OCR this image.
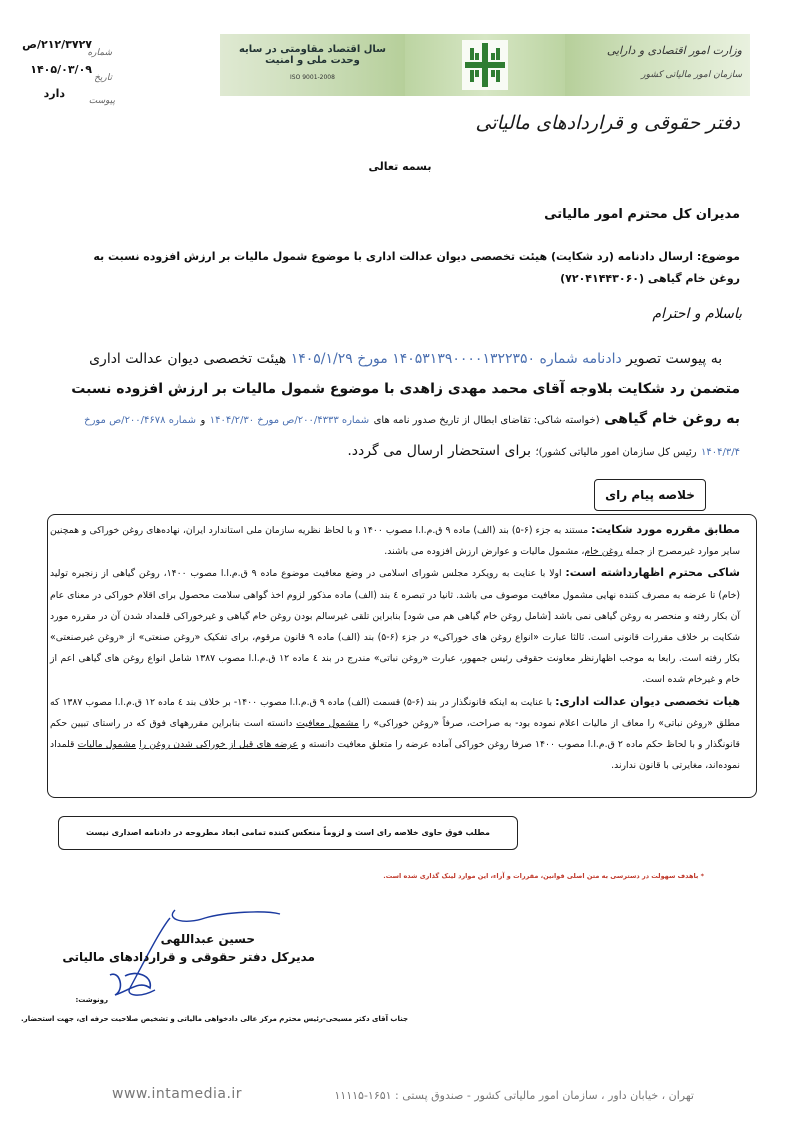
سال اقتصاد مقاومتی در سایه وحدت ملی و امنیت
ISO 9001-2008
وزارت امور اقتصادی و دارایی
سازمان امور مالیاتی کشور
شماره
۲۱۲/۳۷۲۷/ص
تاریخ
۱۴۰۵/۰۳/۰۹
پیوست
دارد
دفتر حقوقی و قراردادهای مالیاتی
بسمه تعالی
مدیران کل محترم امور مالیاتی
موضوع: ارسال دادنامه (رد شکایت) هیئت تخصصی دیوان عدالت اداری با موضوع شمول مالیات بر ارزش افزوده نسبت به روغن خام گیاهی (۷۲۰۴۱۴۴۳۰۶۰)
باسلام و احترام
به پیوست تصویر دادنامه شماره ۱۴۰۵۳۱۳۹۰۰۰۰۱۳۲۲۳۵۰ مورخ ۱۴۰۵/۱/۲۹ هیئت تخصصی دیوان عدالت اداری متضمن رد شکایت بلاوجه آقای محمد مهدی زاهدی با موضوع شمول مالیات بر ارزش افزوده نسبت به روغن خام گیاهی (خواسته شاکی: تقاضای ابطال از تاریخ صدور نامه های شماره ۲۰۰/۴۳۳۳/ص مورخ ۱۴۰۴/۲/۳۰ و شماره ۲۰۰/۴۶۷۸/ص مورخ ۱۴۰۴/۳/۴ رئیس کل سازمان امور مالیاتی کشور)؛ برای استحضار ارسال می گردد.
خلاصه پیام رای
مطابق مقرره مورد شکایت: مستند به جزء (۶-۵) بند (الف) ماده ۹ ق.م.ا.ا مصوب ۱۴۰۰ و با لحاظ نظریه سازمان ملی استاندارد ایران، نهاده‌های روغن خوراکی و همچنین سایر موارد غیرمصرح از جمله روغن خام، مشمول مالیات و عوارض ارزش افزوده می باشند.
شاکی محترم اظهارداشته است: اولا با عنایت به رویکرد مجلس شورای اسلامی در وضع معافیت موضوع ماده ۹ ق.م.ا.ا مصوب ۱۴۰۰، روغن گیاهی از زنجیره تولید (خام) تا عرضه به مصرف کننده نهایی مشمول معافیت موصوف می باشد. ثانیا در تبصره ٤ بند (الف) ماده مذکور لزوم اخذ گواهی سلامت محصول برای اقلام خوراکی در معنای عام آن بکار رفته و منحصر به روغن گیاهی نمی باشد [شامل روغن خام گیاهی هم می شود] بنابراین تلقی غیرسالم بودن روغن خام گیاهی و غیرخوراکی قلمداد شدن آن در مقرره مورد شکایت بر خلاف مقررات قانونی است. ثالثا عبارت «انواع روغن های خوراکی» در جزء (۶-۵) بند (الف) ماده ۹ قانون مرقوم، برای تفکیک «روغن صنعتی» از «روغن غیرصنعتی» بکار رفته است. رابعا به موجب اظهارنظر معاونت حقوقی رئیس جمهور، عبارت «روغن نباتی» مندرج در بند ٤ ماده ١٢ ق.م.ا.ا مصوب ۱۳۸۷ شامل انواع روغن های گیاهی اعم از خام و غیرخام شده است.
هیات تخصصی دیوان عدالت اداری: با عنایت به اینکه قانونگذار در بند (۶-۵) قسمت (الف) ماده ۹ ق.م.ا.ا مصوب ۱۴۰۰- بر خلاف بند ٤ ماده ١٢ ق.م.ا.ا مصوب ۱۳۸۷ که مطلق «روغن نباتی» را معاف از مالیات اعلام نموده بود- به صراحت، صرفاً «روغن خوراکی» را مشمول معافیت دانسته است بنابراین مقررههای فوق که در راستای تبیین حکم قانونگذار و با لحاظ حکم ماده ۲ ق.م.ا.ا مصوب ۱۴۰۰ صرفا روغن خوراکی آماده عرضه را متعلق معافیت دانسته و عرضه های قبل از خوراکی شدن روغن را مشمول مالیات قلمداد نموده‌اند، مغایرتی با قانون ندارند.
مطلب فوق حاوی خلاصه رای است و لزوماً منعکس کننده تمامی ابعاد مطروحه در دادنامه اصداری نیست
* باهدف سهولت در دسترسی به متن اصلی قوانین، مقررات و آراء، این موارد لینک گذاری شده است.
حسین عبداللهی
مدیرکل دفتر حقوقی و قراردادهای مالیاتی
رونوشت:
جناب آقای دکتر مسیحی-رئیس محترم مرکز عالی دادخواهی مالیاتی و تشخیص صلاحیت حرفه ای، جهت استحضار.
تهران ، خیابان داور ، سازمان امور مالیاتی کشور - صندوق پستی : ۱۶۵۱-۱۱۱۱۵
www.intamedia.ir
